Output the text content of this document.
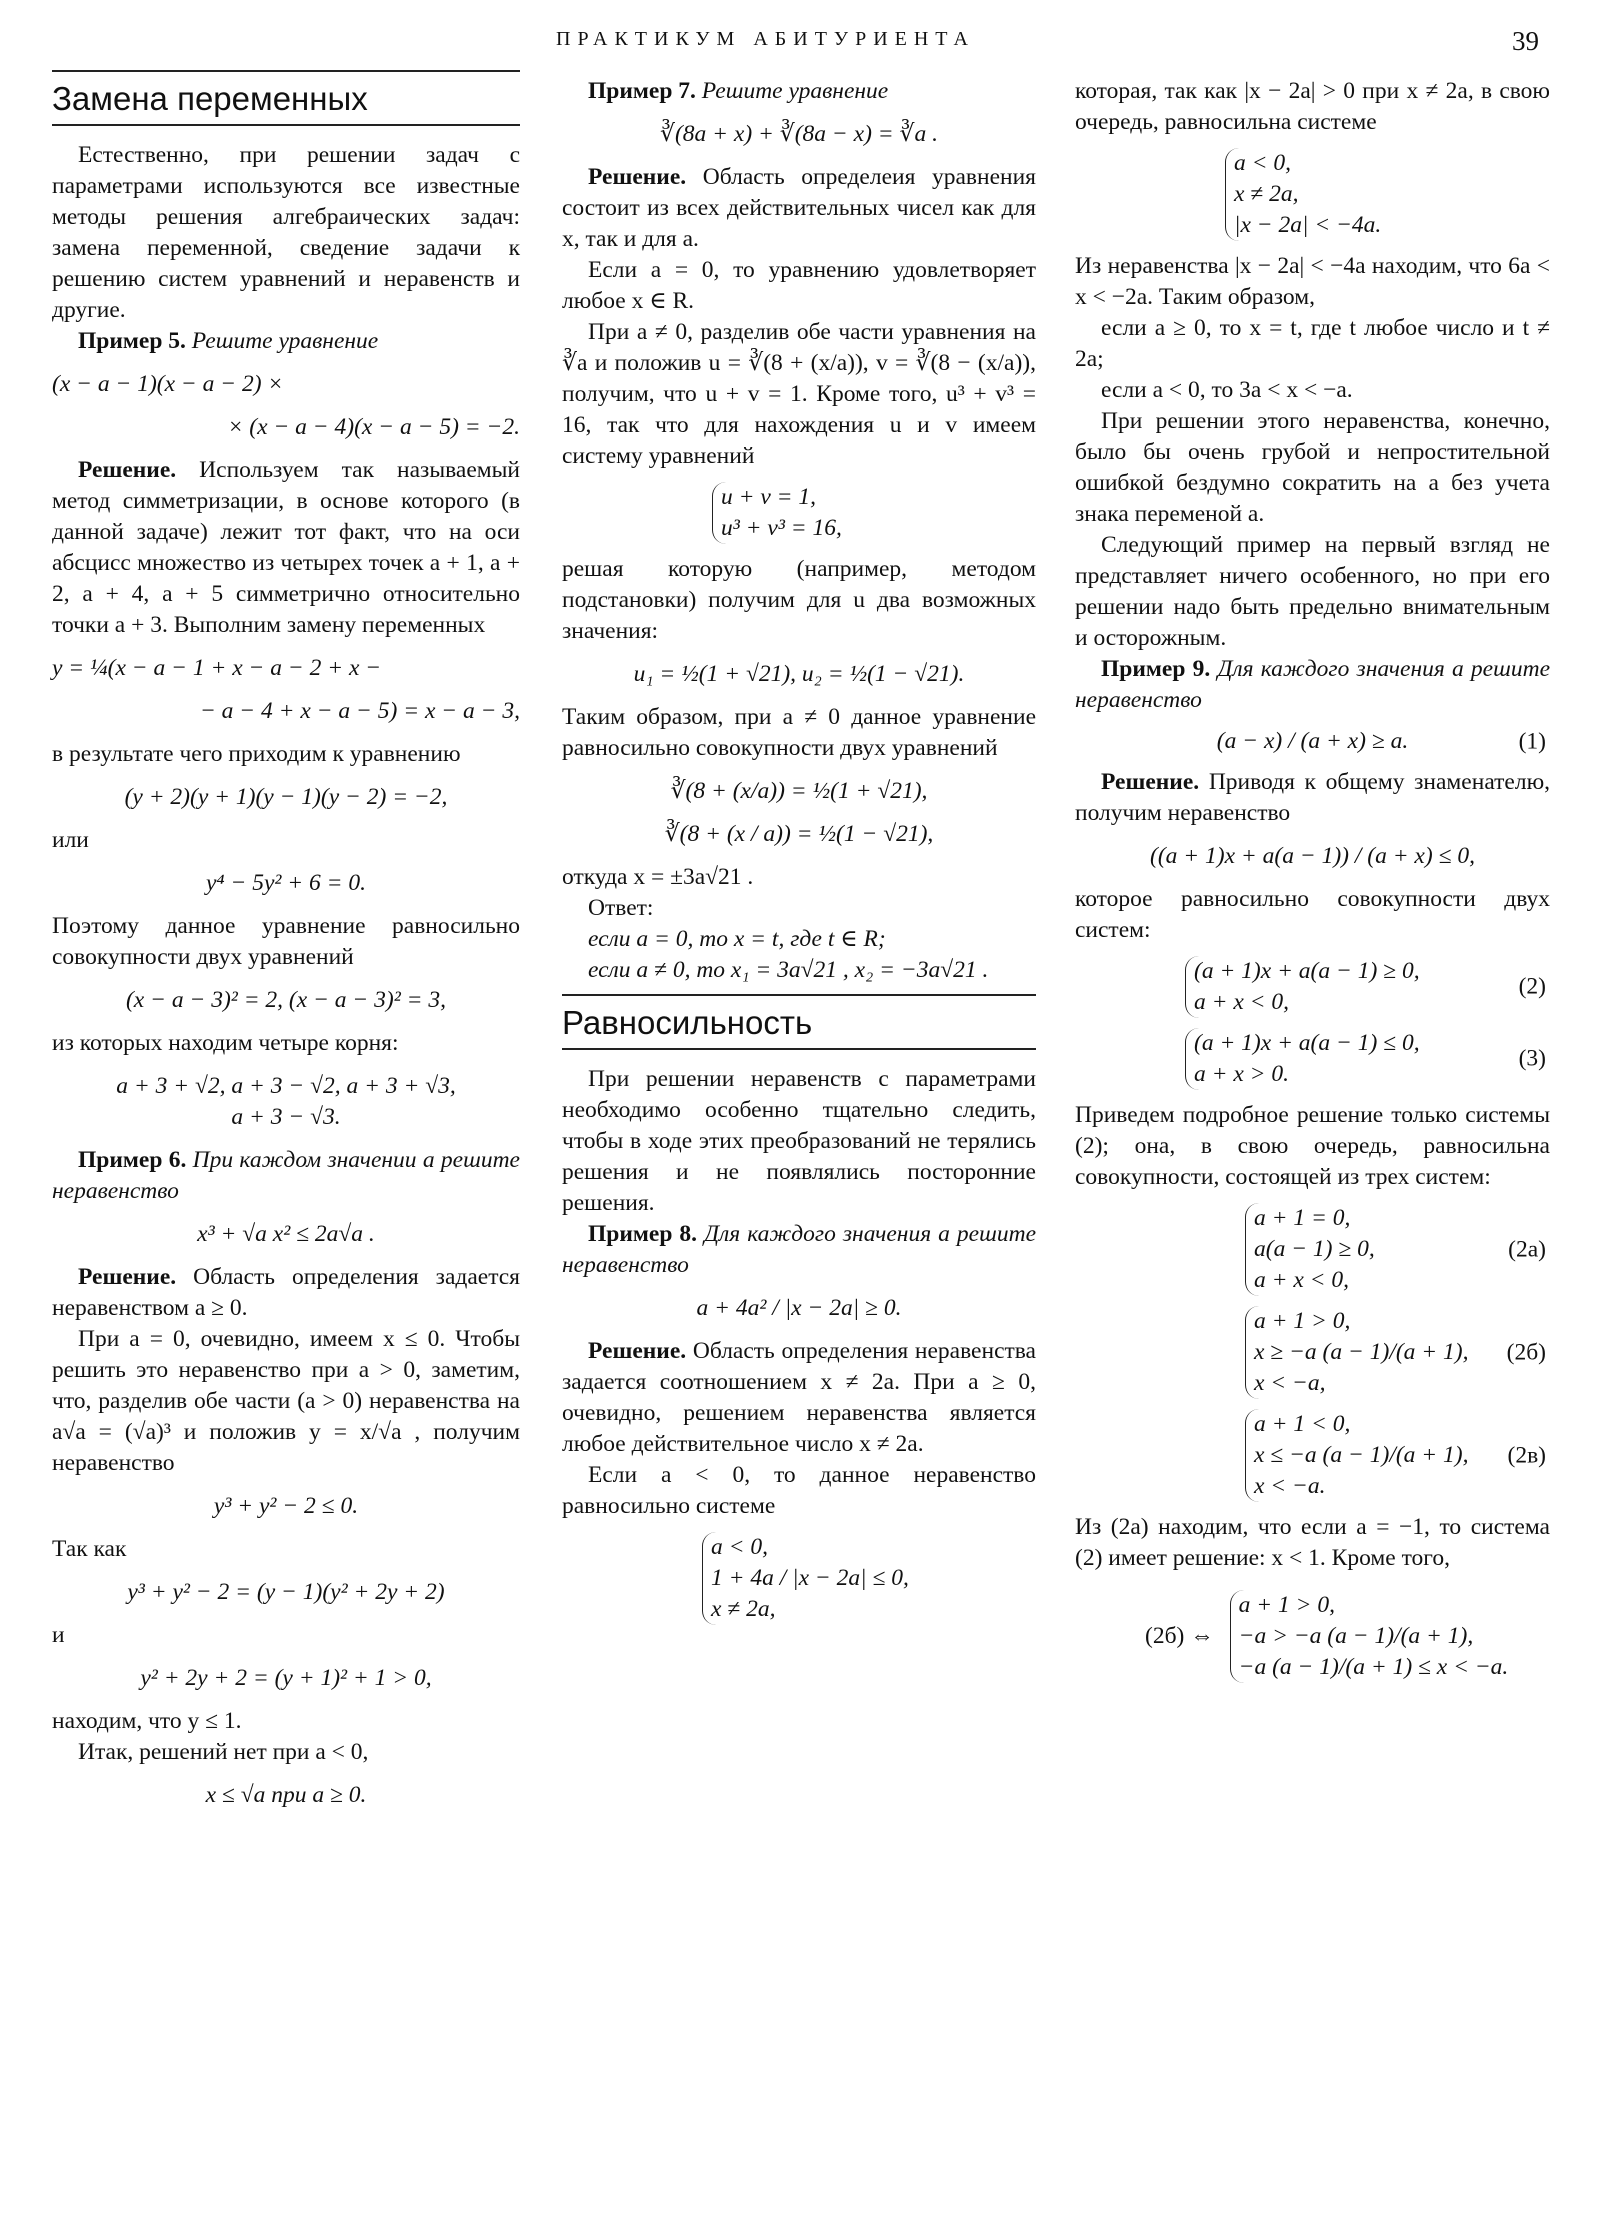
ПРАКТИКУМ АБИТУРИЕНТА	39
Замена переменных

Естественно, при решении задач с параметрами используются все известные методы решения алгебраических задач: замена переменной, сведение задачи к решению систем уравнений и неравенств и другие.

Пример 5. Решите уравнение

(x − a − 1)(x − a − 2) ×
× (x − a − 4)(x − a − 5) = −2.

Решение. Используем так называемый метод симметризации, в основе которого (в данной задаче) лежит тот факт, что на оси абсцисс множество из четырех точек a + 1, a + 2, a + 4, a + 5 симметрично относительно точки a + 3. Выполним замену переменных

y = ¼(x − a − 1 + x − a − 2 + x −
− a − 4 + x − a − 5) = x − a − 3,

в результате чего приходим к уравнению

(y + 2)(y + 1)(y − 1)(y − 2) = −2,

или

y⁴ − 5y² + 6 = 0.

Поэтому данное уравнение равносильно совокупности двух уравнений

(x − a − 3)² = 2, (x − a − 3)² = 3,

из которых находим четыре корня:

a + 3 + √2, a + 3 − √2, a + 3 + √3,
a + 3 − √3.

Пример 6. При каждом значении a решите неравенство

x³ + √a x² ≤ 2a√a .

Решение. Область определения задается неравенством a ≥ 0.

При a = 0, очевидно, имеем x ≤ 0. Чтобы решить это неравенство при a > 0, заметим, что, разделив обе части (a > 0) неравенства на a√a = (√a)³ и положив y = x/√a , получим неравенство

y³ + y² − 2 ≤ 0.

Так как

y³ + y² − 2 = (y − 1)(y² + 2y + 2)

и

y² + 2y + 2 = (y + 1)² + 1 > 0,

находим, что y ≤ 1.

Итак, решений нет при a < 0,

x ≤ √a при a ≥ 0.

Пример 7. Решите уравнение

∛(8a + x) + ∛(8a − x) = ∛a .

Решение. Область определеия уравнения состоит из всех действительных чисел как для x, так и для a.

Если a = 0, то уравнению удовлетворяет любое x ∈ R.

При a ≠ 0, разделив обе части уравнения на ∛a и положив u = ∛(8 + (x/a)), v = ∛(8 − (x/a)), получим, что u + v = 1. Кроме того, u³ + v³ = 16, так что для нахождения u и v имеем систему уравнений

u + v = 1,
u³ + v³ = 16,

решая которую (например, методом подстановки) получим для u два возможных значения:

u₁ = ½(1 + √21), u₂ = ½(1 − √21).

Таким образом, при a ≠ 0 данное уравнение равносильно совокупности двух уравнений

∛(8 + (x/a)) = ½(1 + √21),
∛(8 + (x / a)) = ½(1 − √21),

откуда x = ±3a√21 .

Ответ:

если a = 0, то x = t, где t ∈ R;

если a ≠ 0, то x₁ = 3a√21 , x₂ = −3a√21 .

Равносильность

При решении неравенств с параметрами необходимо особенно тщательно следить, чтобы в ходе этих преобразований не терялись решения и не появлялись посторонние решения.

Пример 8. Для каждого значения a решите неравенство

a + 4a² / |x − 2a| ≥ 0.

Решение. Область определения неравенства задается соотношением x ≠ 2a. При a ≥ 0, очевидно, решением неравенства является любое действительное число x ≠ 2a.

Если a < 0, то данное неравенство равносильно системе

a < 0,
1 + 4a / |x − 2a| ≤ 0,
x ≠ 2a,

которая, так как |x − 2a| > 0 при x ≠ 2a, в свою очередь, равносильна системе

a < 0,
x ≠ 2a,
|x − 2a| < −4a.

Из неравенства |x − 2a| < −4a находим, что 6a < x < −2a. Таким образом,

если a ≥ 0, то x = t, где t любое число и t ≠ 2a;

если a < 0, то 3a < x < −a.

При решении этого неравенства, конечно, было бы очень грубой и непростительной ошибкой бездумно сократить на a без учета знака переменой a.

Следующий пример на первый взгляд не представляет ничего особенного, но при его решении надо быть предельно внимательным и осторожным.

Пример 9. Для каждого значения a решите неравенство

(a − x) / (a + x) ≥ a.	(1)

Решение. Приводя к общему знаменателю, получим неравенство

((a + 1)x + a(a − 1)) / (a + x) ≤ 0,

которое равносильно совокупности двух систем:

(a + 1)x + a(a − 1) ≥ 0,
a + x < 0,
(2)
(a + 1)x + a(a − 1) ≤ 0,
a + x > 0.
(3)

Приведем подробное решение только системы (2); она, в свою очередь, равносильна совокупности, состоящей из трех систем:

a + 1 = 0,
a(a − 1) ≥ 0,
a + x < 0,
(2a)
a + 1 > 0,
x ≥ −a (a − 1)/(a + 1),
x < −a,
(2б)
a + 1 < 0,
x ≤ −a (a − 1)/(a + 1),
x < −a.
(2в)

Из (2a) находим, что если a = −1, то система (2) имеет решение: x < 1. Кроме того,

(2б) ⇔
a + 1 > 0,
−a > −a (a − 1)/(a + 1),
−a (a − 1)/(a + 1) ≤ x < −a.
